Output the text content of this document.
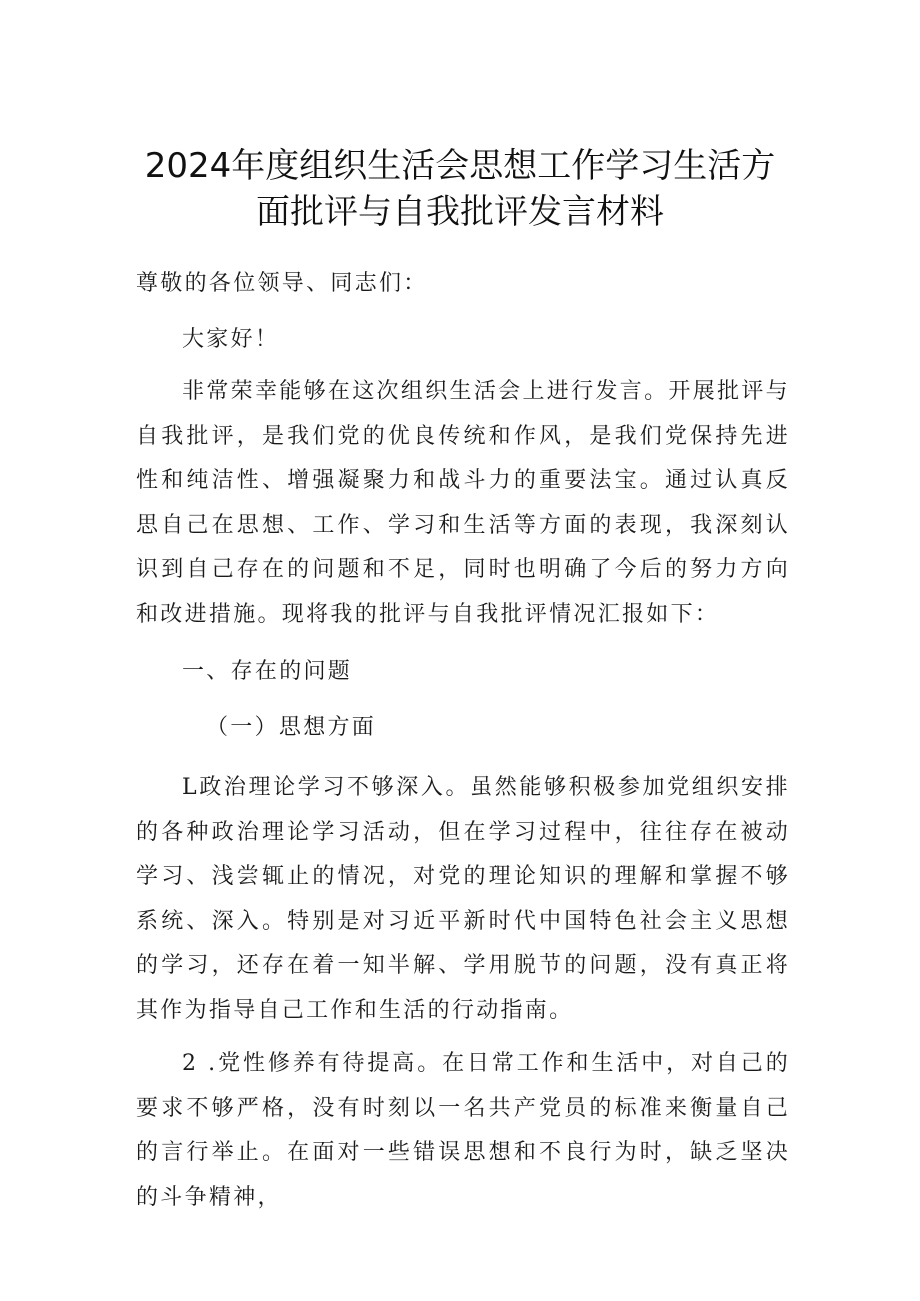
2024年度组织生活会思想工作学习生活方
面批评与自我批评发言材料

尊敬的各位领导、同志们：

大家好！

非常荣幸能够在这次组织生活会上进行发言。开展批评与自我批评，是我们党的优良传统和作风，是我们党保持先进性和纯洁性、增强凝聚力和战斗力的重要法宝。通过认真反思自己在思想、工作、学习和生活等方面的表现，我深刻认识到自己存在的问题和不足，同时也明确了今后的努力方向和改进措施。现将我的批评与自我批评情况汇报如下：

一、存在的问题

（一）思想方面

L政治理论学习不够深入。虽然能够积极参加党组织安排的各种政治理论学习活动，但在学习过程中，往往存在被动学习、浅尝辄止的情况，对党的理论知识的理解和掌握不够系统、深入。特别是对习近平新时代中国特色社会主义思想的学习，还存在着一知半解、学用脱节的问题，没有真正将其作为指导自己工作和生活的行动指南。

2 .党性修养有待提高。在日常工作和生活中，对自己的要求不够严格，没有时刻以一名共产党员的标准来衡量自己的言行举止。在面对一些错误思想和不良行为时，缺乏坚决的斗争精神，
